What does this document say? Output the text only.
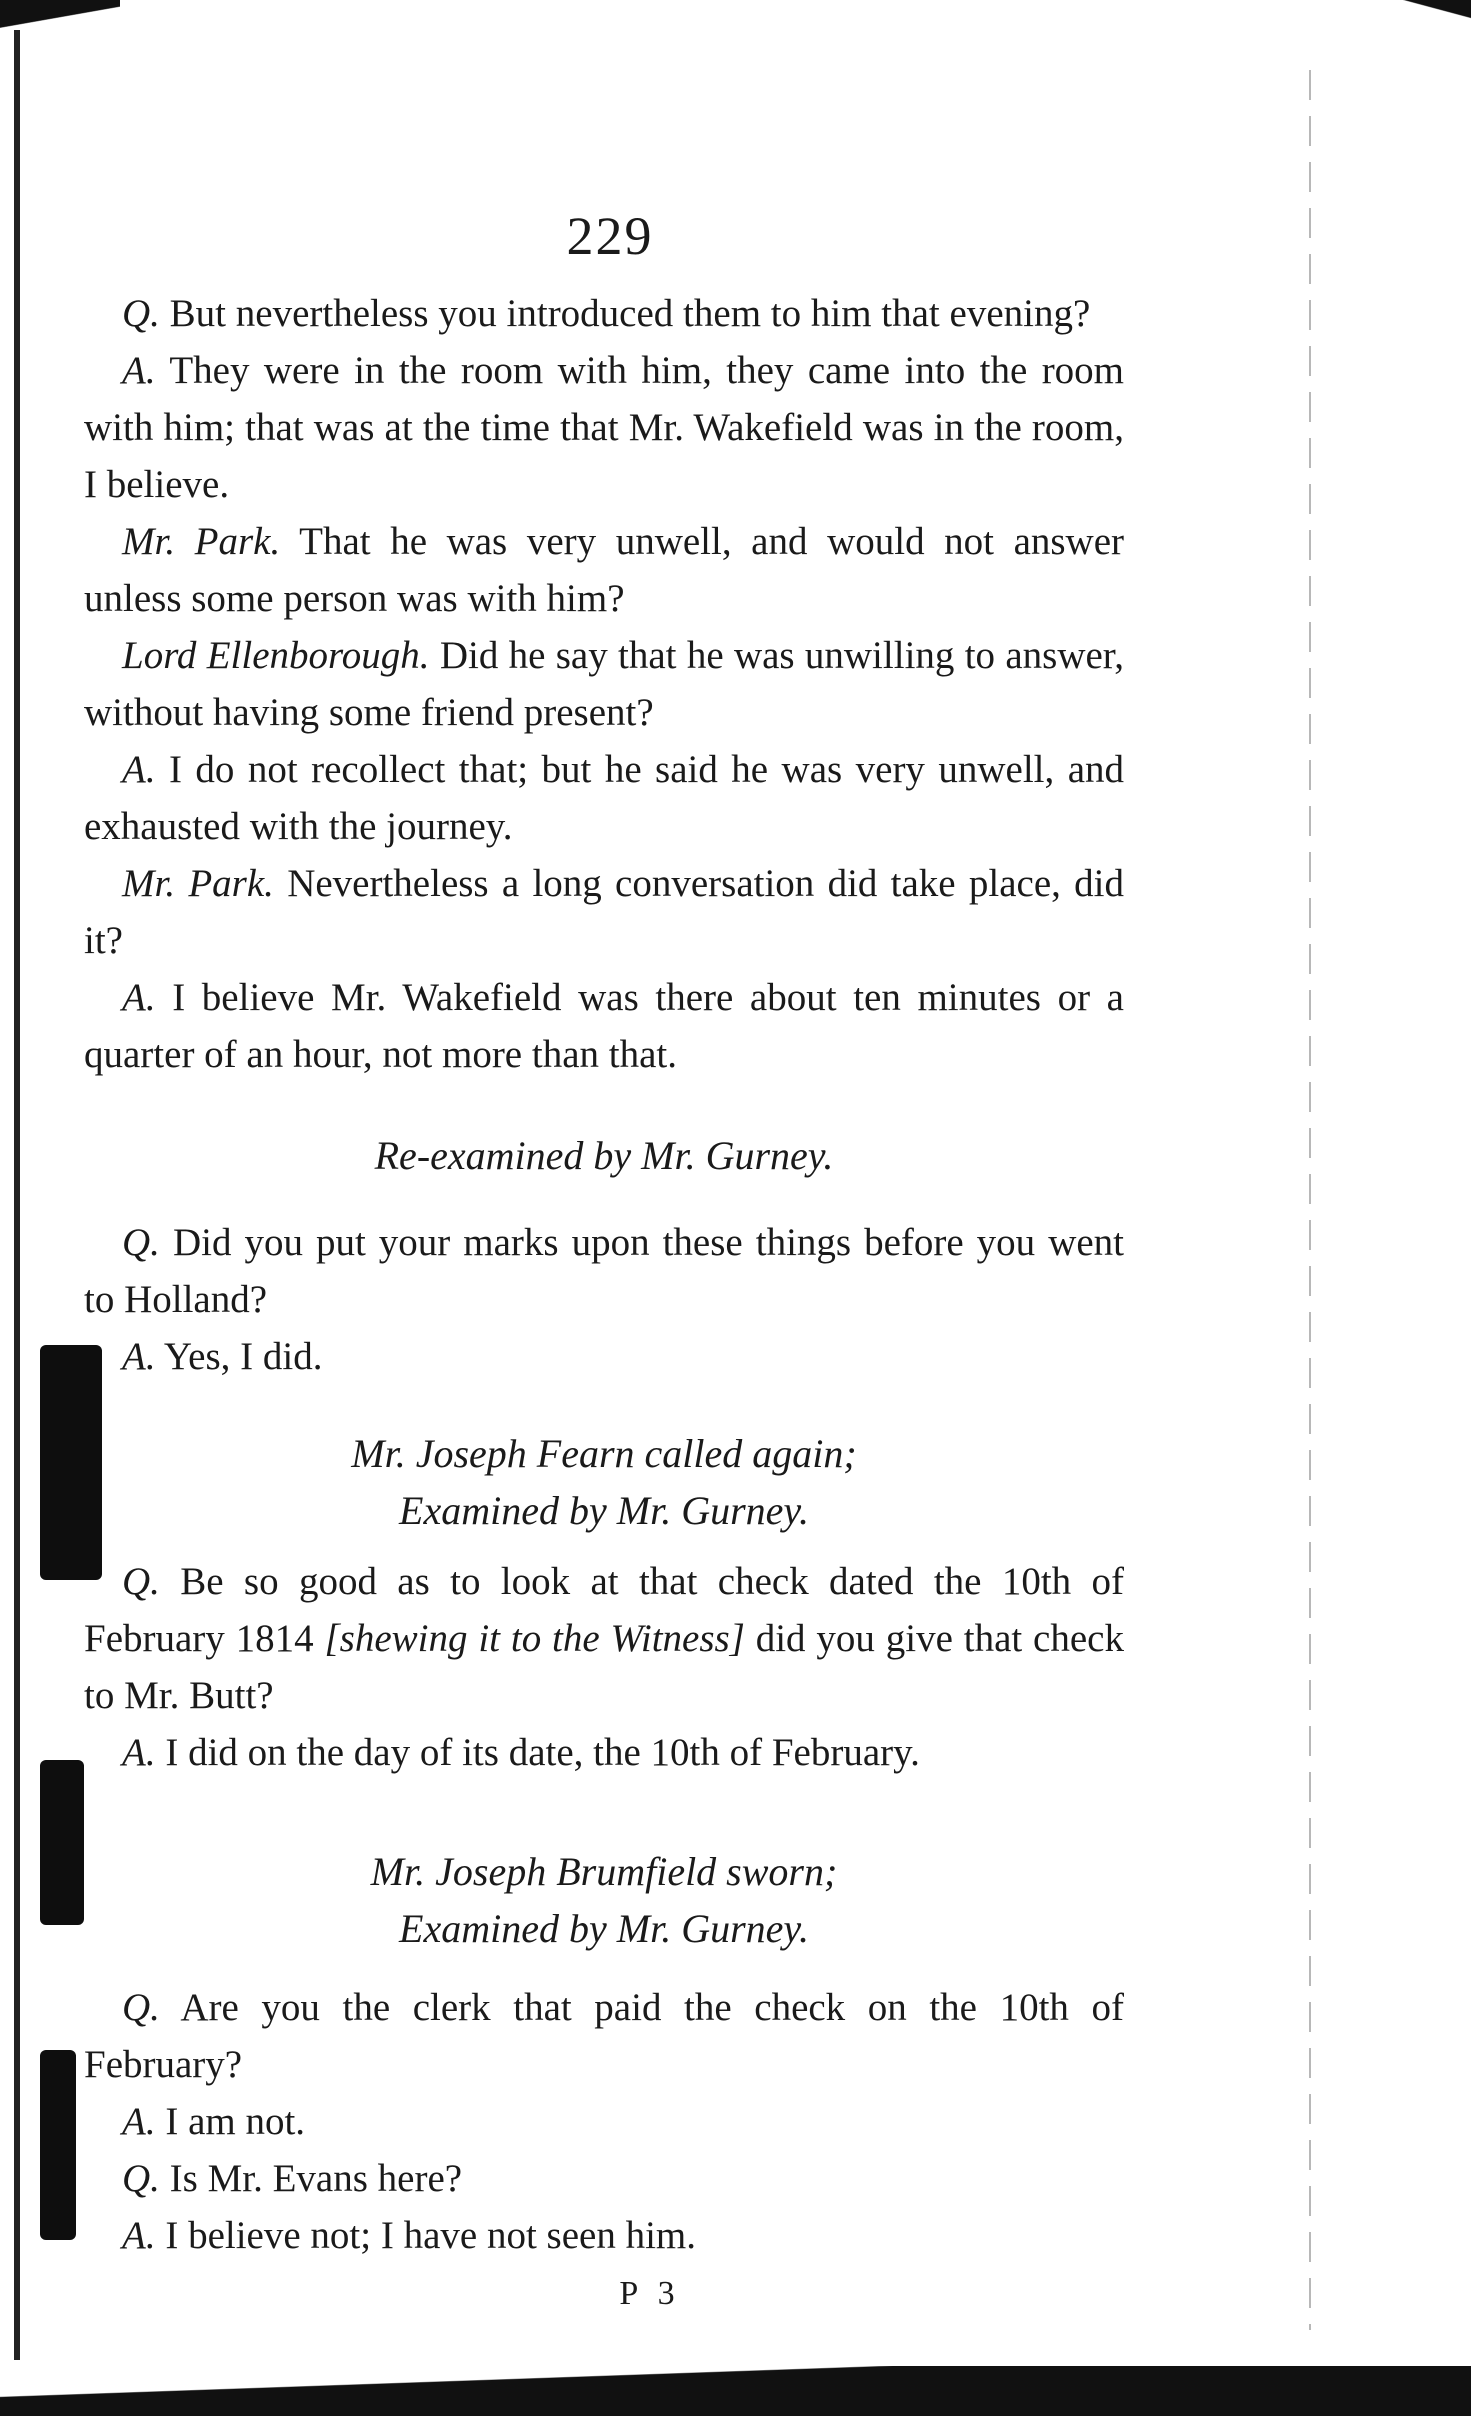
229

Q. But nevertheless you introduced them to him that evening?

A. They were in the room with him, they came into the room with him; that was at the time that Mr. Wakefield was in the room, I believe.

Mr. Park. That he was very unwell, and would not answer unless some person was with him?

Lord Ellenborough. Did he say that he was unwilling to answer, without having some friend present?

A. I do not recollect that; but he said he was very unwell, and exhausted with the journey.

Mr. Park. Nevertheless a long conversation did take place, did it?

A. I believe Mr. Wakefield was there about ten minutes or a quarter of an hour, not more than that.

Re-examined by Mr. Gurney.

Q. Did you put your marks upon these things before you went to Holland?

A. Yes, I did.

Mr. Joseph Fearn called again;

Examined by Mr. Gurney.

Q. Be so good as to look at that check dated the 10th of February 1814 [shewing it to the Witness] did you give that check to Mr. Butt?

A. I did on the day of its date, the 10th of February.

Mr. Joseph Brumfield sworn;

Examined by Mr. Gurney.

Q. Are you the clerk that paid the check on the 10th of February?

A. I am not.

Q. Is Mr. Evans here?

A. I believe not; I have not seen him.

P 3
